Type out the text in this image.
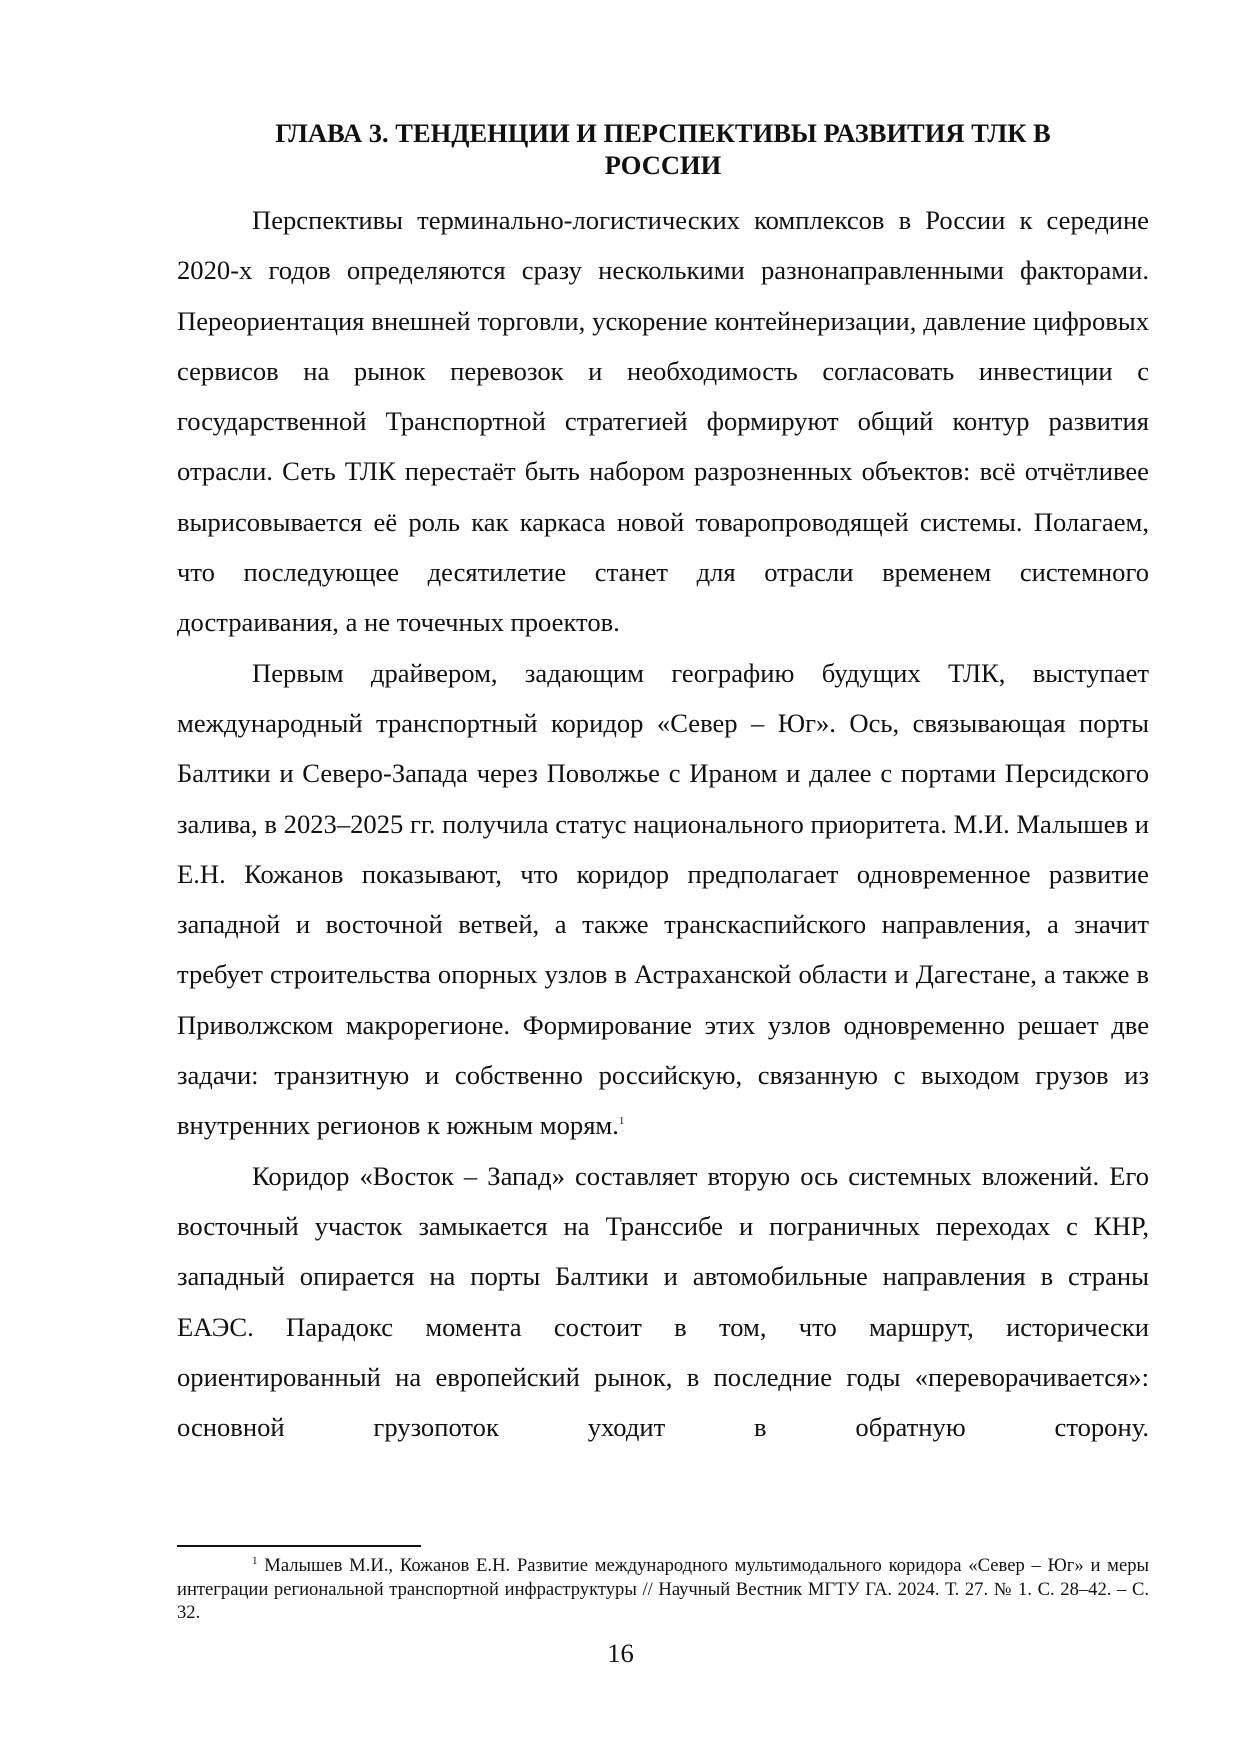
ГЛАВА 3. ТЕНДЕНЦИИ И ПЕРСПЕКТИВЫ РАЗВИТИЯ ТЛК В
РОССИИ

Перспективы терминально-логистических комплексов в России к середине 2020-х годов определяются сразу несколькими разнонаправленными факторами. Переориентация внешней торговли, ускорение контейнеризации, давление цифровых сервисов на рынок перевозок и необходимость согласовать инвестиции с государственной Транспортной стратегией формируют общий контур развития отрасли. Сеть ТЛК перестаёт быть набором разрозненных объектов: всё отчётливее вырисовывается её роль как каркаса новой товаропроводящей системы. Полагаем, что последующее десятилетие станет для отрасли временем системного достраивания, а не точечных проектов.

Первым драйвером, задающим географию будущих ТЛК, выступает международный транспортный коридор «Север – Юг». Ось, связывающая порты Балтики и Северо-Запада через Поволжье с Ираном и далее с портами Персидского залива, в 2023–2025 гг. получила статус национального приоритета. М.И. Малышев и Е.Н. Кожанов показывают, что коридор предполагает одновременное развитие западной и восточной ветвей, а также транскаспийского направления, а значит требует строительства опорных узлов в Астраханской области и Дагестане, а также в Приволжском макрорегионе. Формирование этих узлов одновременно решает две задачи: транзитную и собственно российскую, связанную с выходом грузов из внутренних регионов к южным морям.$^1$

Коридор «Восток – Запад» составляет вторую ось системных вложений. Его восточный участок замыкается на Транссибе и пограничных переходах с КНР, западный опирается на порты Балтики и автомобильные направления в страны ЕАЭС. Парадокс момента состоит в том, что маршрут, исторически ориентированный на европейский рынок, в последние годы «переворачивается»: основной грузопоток уходит в обратную сторону.

$^1$ Малышев М.И., Кожанов Е.Н. Развитие международного мультимодального коридора «Север – Юг» и меры интеграции региональной транспортной инфраструктуры // Научный Вестник МГТУ ГА. 2024. Т. 27. № 1. С. 28–42. – С. 32.

16
